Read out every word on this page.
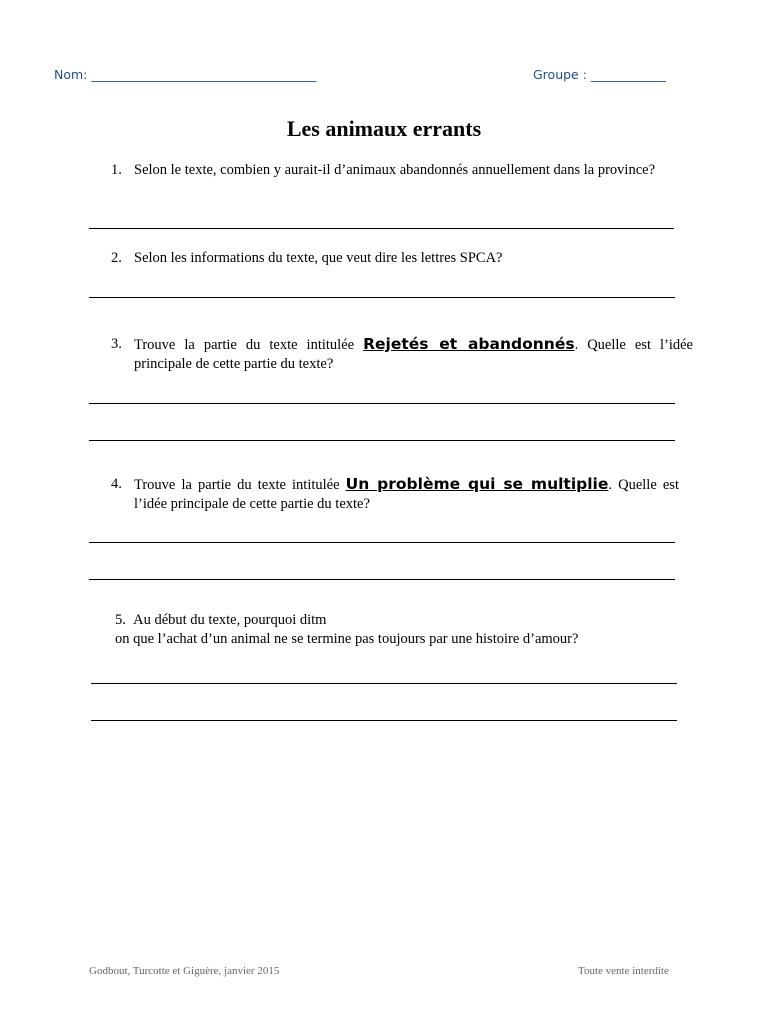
Nom: ____________________________________	Groupe : ____________
Les animaux errants
1. Selon le texte, combien y aurait-il d’animaux abandonnés annuellement dans la province?
2. Selon les informations du texte, que veut dire les lettres SPCA?
3. Trouve la partie du texte intitulée Rejetés et abandonnés. Quelle est l’idée principale de cette partie du texte?
4. Trouve la partie du texte intitulée Un problème qui se multiplie. Quelle est l’idée principale de cette partie du texte?
5. Au début du texte, pourquoi ditm
on que l’achat d’un animal ne se termine pas toujours par une histoire d’amour?
Godbout, Turcotte et Giguère, janvier 2015	Toute vente interdite
